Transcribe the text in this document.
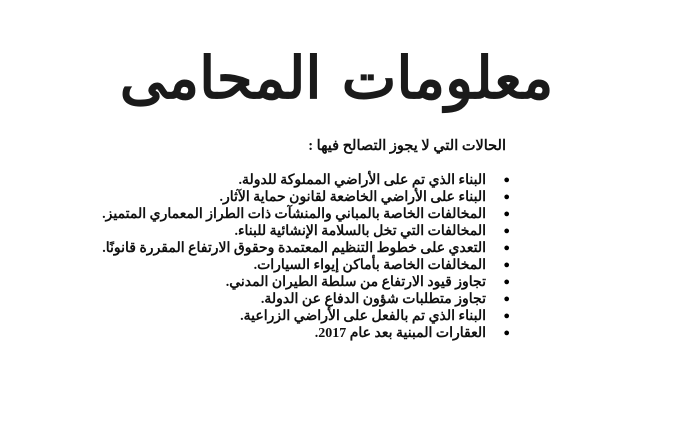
معلومات المحامى

الحالات التي لا يجوز التصالح فيها :

●
البناء الذي تم على الأراضي المملوكة للدولة.
●
البناء على الأراضي الخاضعة لقانون حماية الآثار.
●
المخالفات الخاصة بالمباني والمنشآت ذات الطراز المعماري المتميز.
●
المخالفات التي تخل بالسلامة الإنشائية للبناء.
●
التعدي على خطوط التنظيم المعتمدة وحقوق الارتفاع المقررة قانونًا.
●
المخالفات الخاصة بأماكن إيواء السيارات.
●
تجاوز قيود الارتفاع من سلطة الطيران المدني.
●
تجاوز متطلبات شؤون الدفاع عن الدولة.
●
البناء الذي تم بالفعل على الأراضي الزراعية.
●
العقارات المبنية بعد عام 2017.
